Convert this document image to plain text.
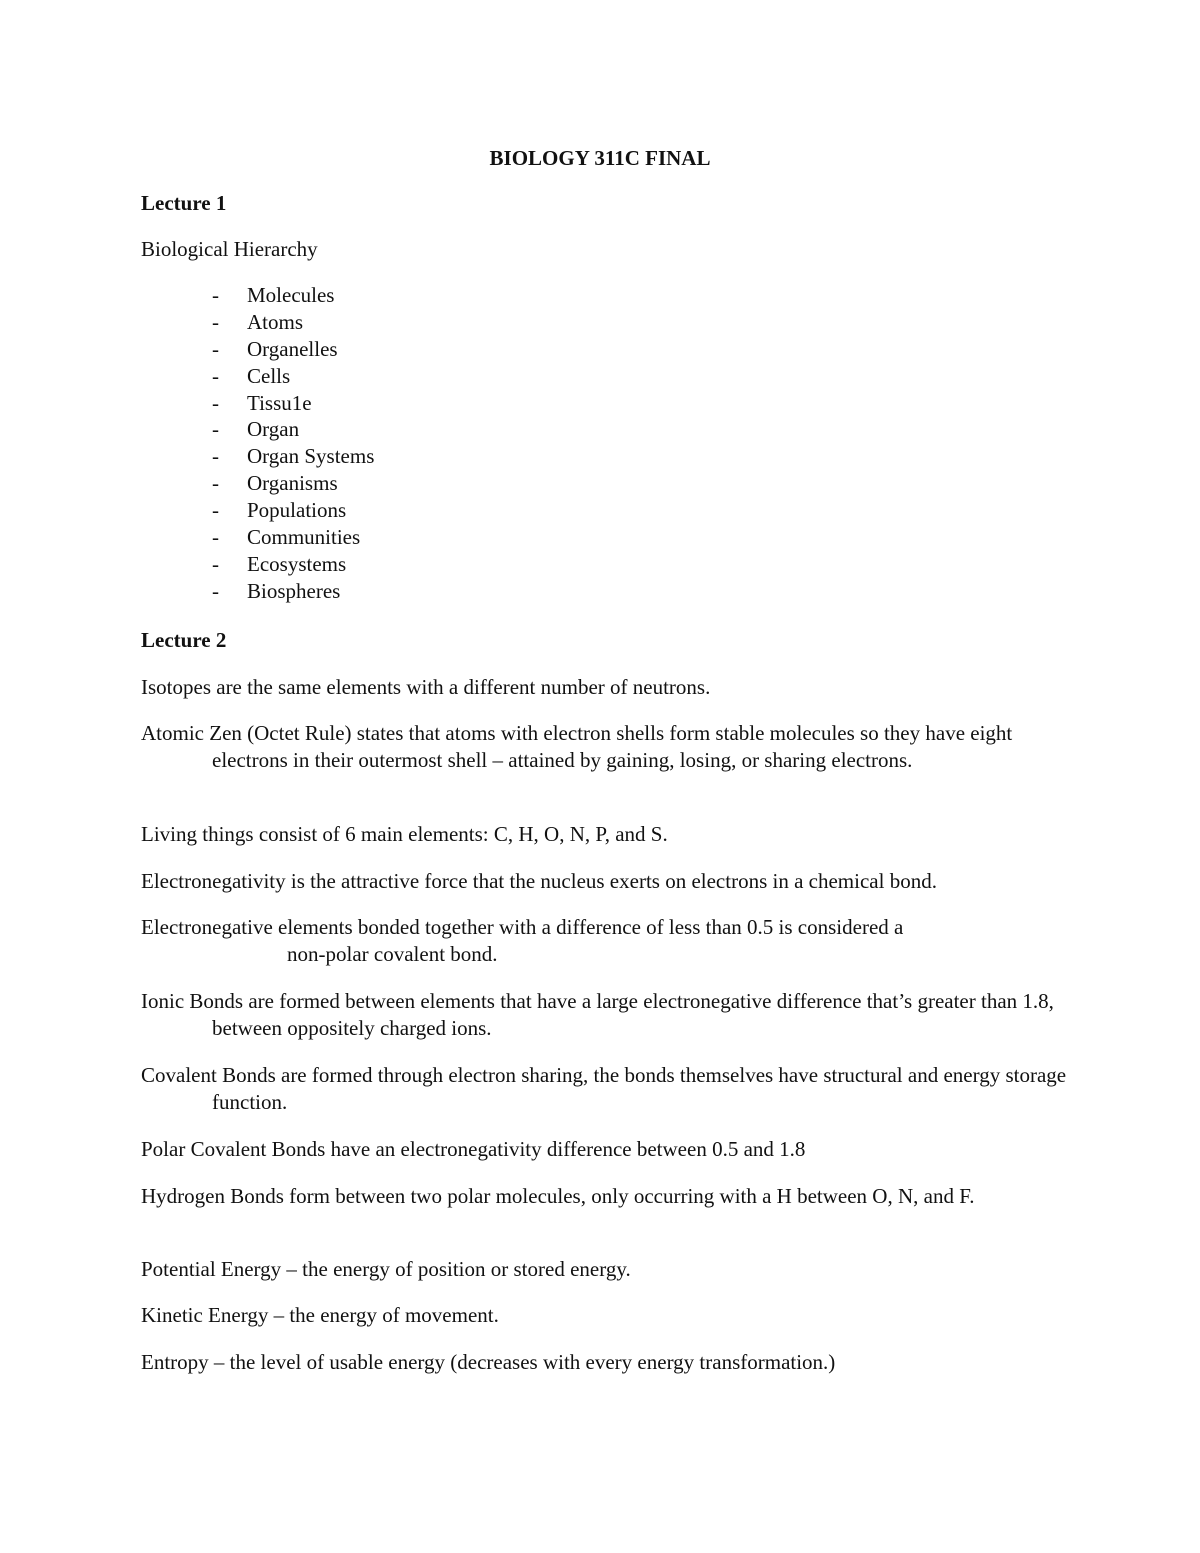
BIOLOGY 311C FINAL
Lecture 1
Biological Hierarchy
- Molecules
- Atoms
- Organelles
- Cells
- Tissu1e
- Organ
- Organ Systems
- Organisms
- Populations
- Communities
- Ecosystems
- Biospheres
Lecture 2

Isotopes are the same elements with a different number of neutrons.

Atomic Zen (Octet Rule) states that atoms with electron shells form stable molecules so they have eight electrons in their outermost shell – attained by gaining, losing, or sharing electrons.

Living things consist of 6 main elements: C, H, O, N, P, and S.

Electronegativity is the attractive force that the nucleus exerts on electrons in a chemical bond.

Electronegative elements bonded together with a difference of less than 0.5 is considered a
non-polar covalent bond.

Ionic Bonds are formed between elements that have a large electronegative difference that’s greater than 1.8, between oppositely charged ions.

Covalent Bonds are formed through electron sharing, the bonds themselves have structural and energy storage function.

Polar Covalent Bonds have an electronegativity difference between 0.5 and 1.8

Hydrogen Bonds form between two polar molecules, only occurring with a H between O, N, and F.

Potential Energy – the energy of position or stored energy.

Kinetic Energy – the energy of movement.

Entropy – the level of usable energy (decreases with every energy transformation.)
